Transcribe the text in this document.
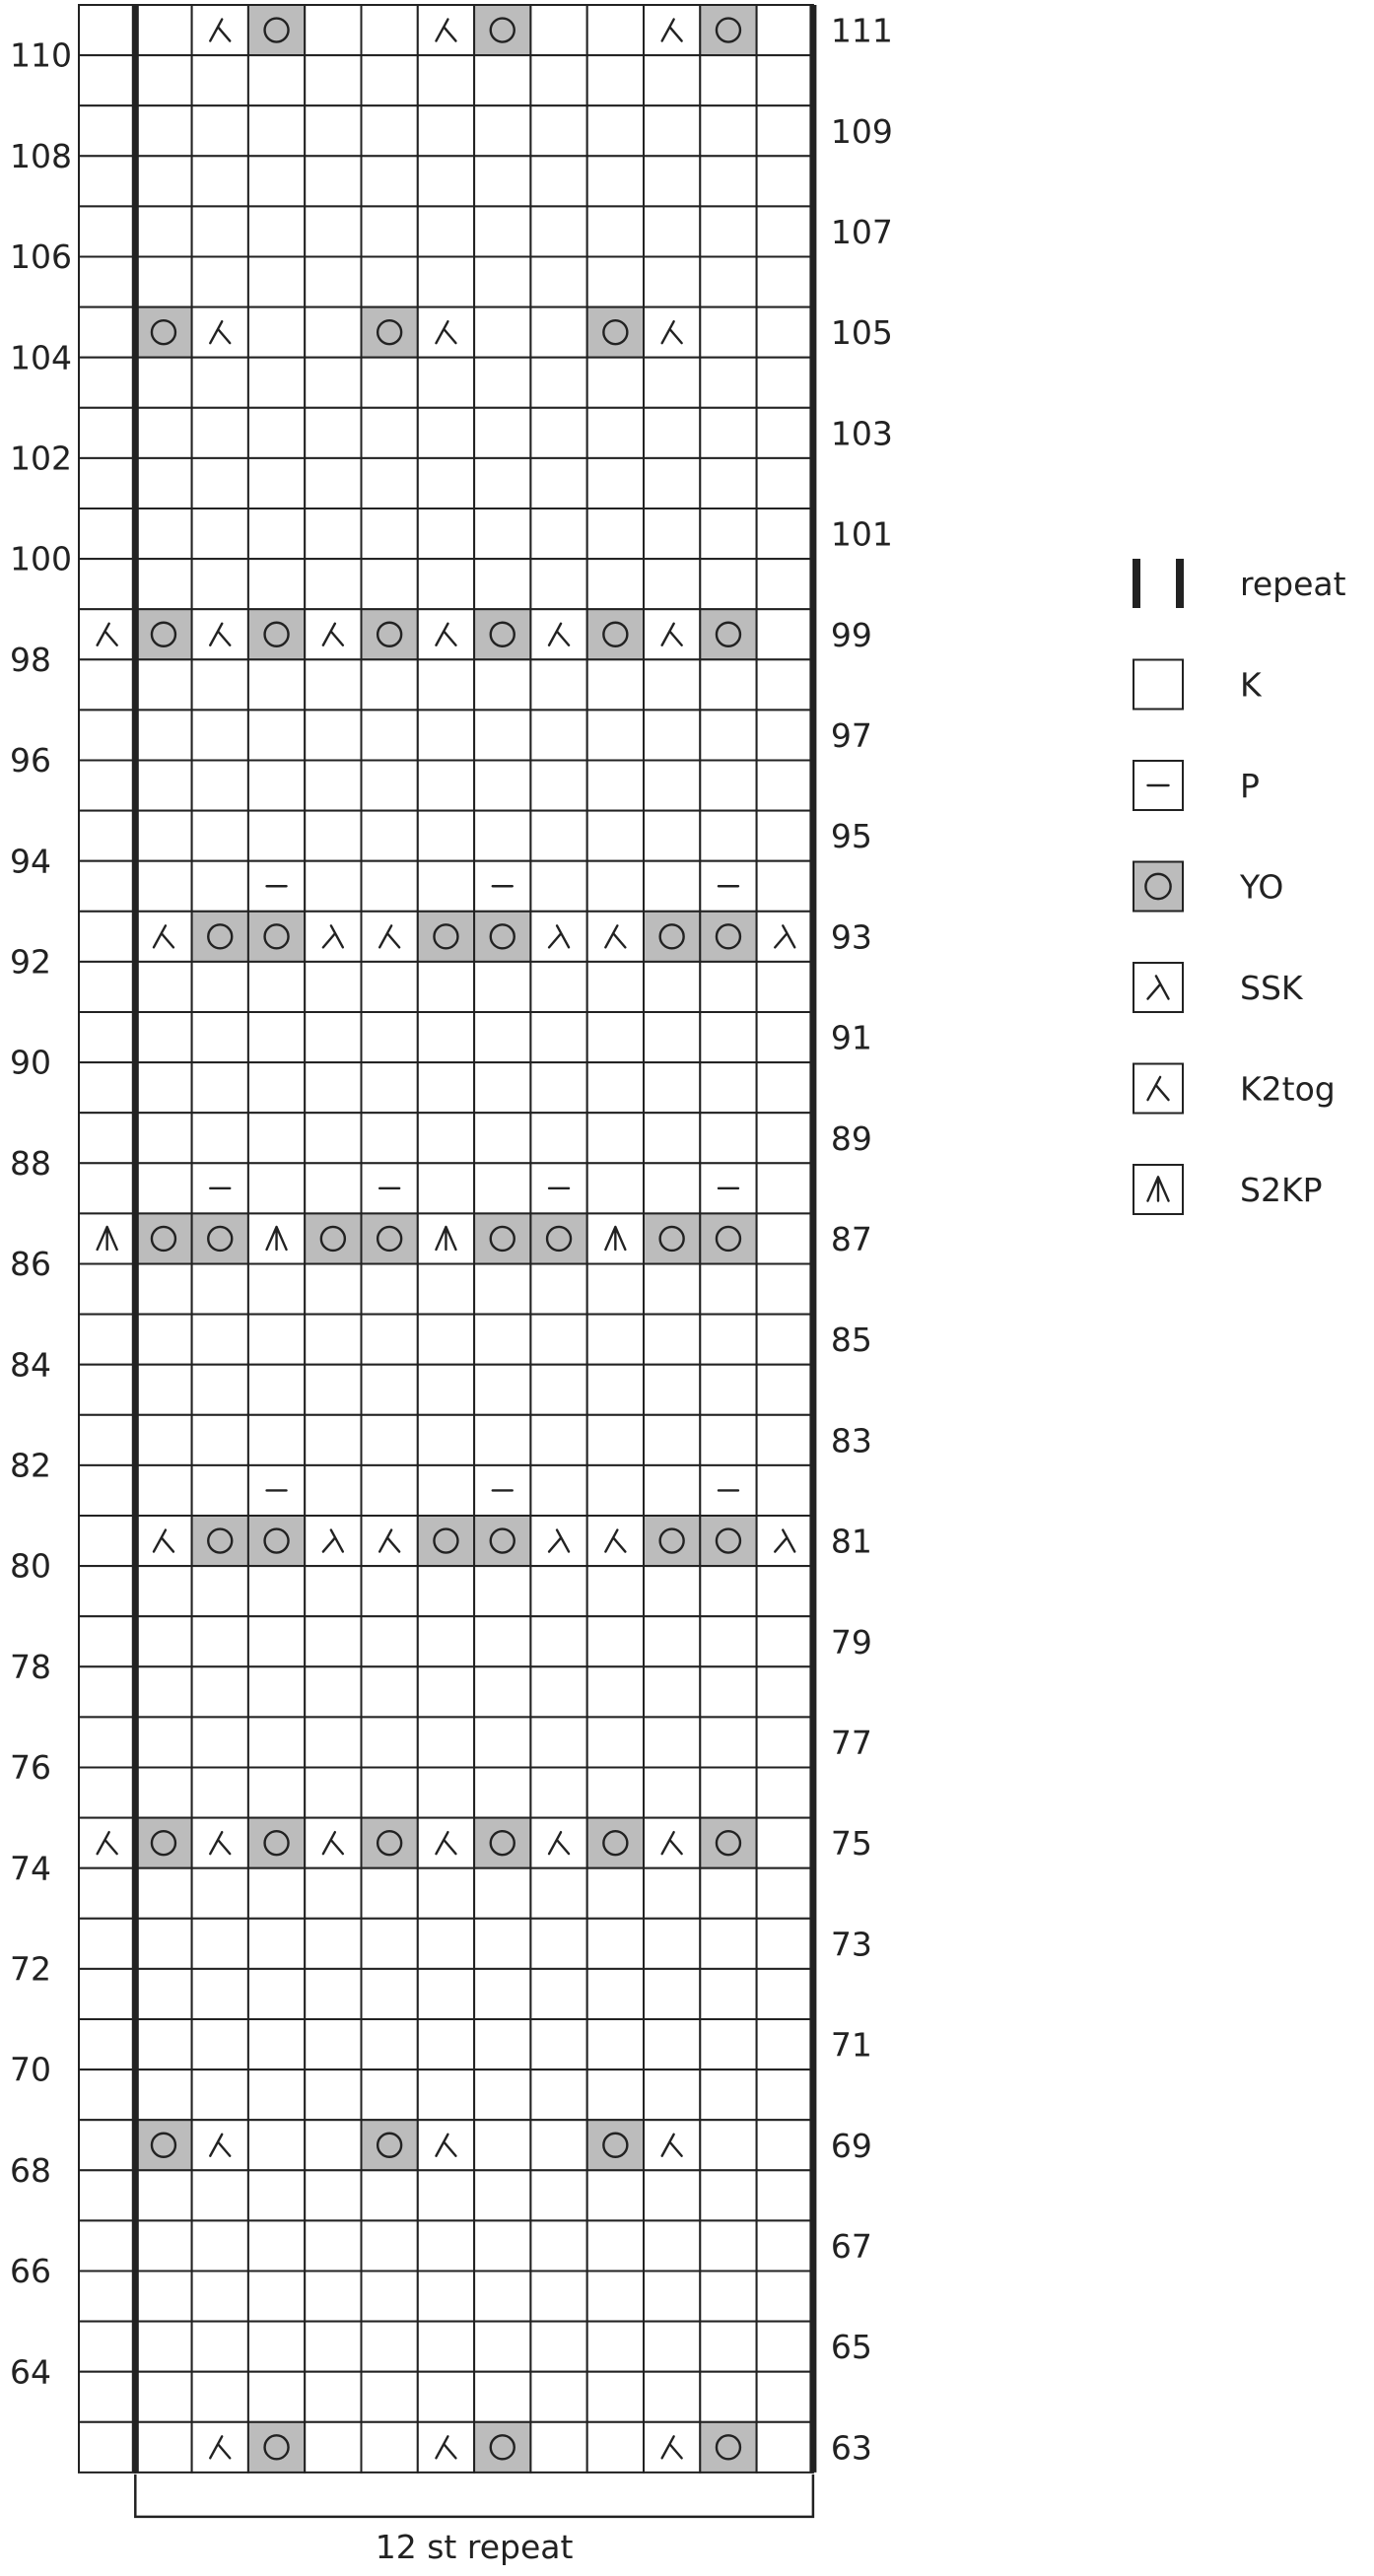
111
110
109
108
107
106
105
104
103
102
101
100
99
98
97
96
95
94
93
92
91
90
89
88
87
86
85
84
83
82
81
80
79
78
77
76
75
74
73
72
71
70
69
68
67
66
65
64
63
12 st repeat
repeat
K
P
YO
SSK
K2tog
S2KP
